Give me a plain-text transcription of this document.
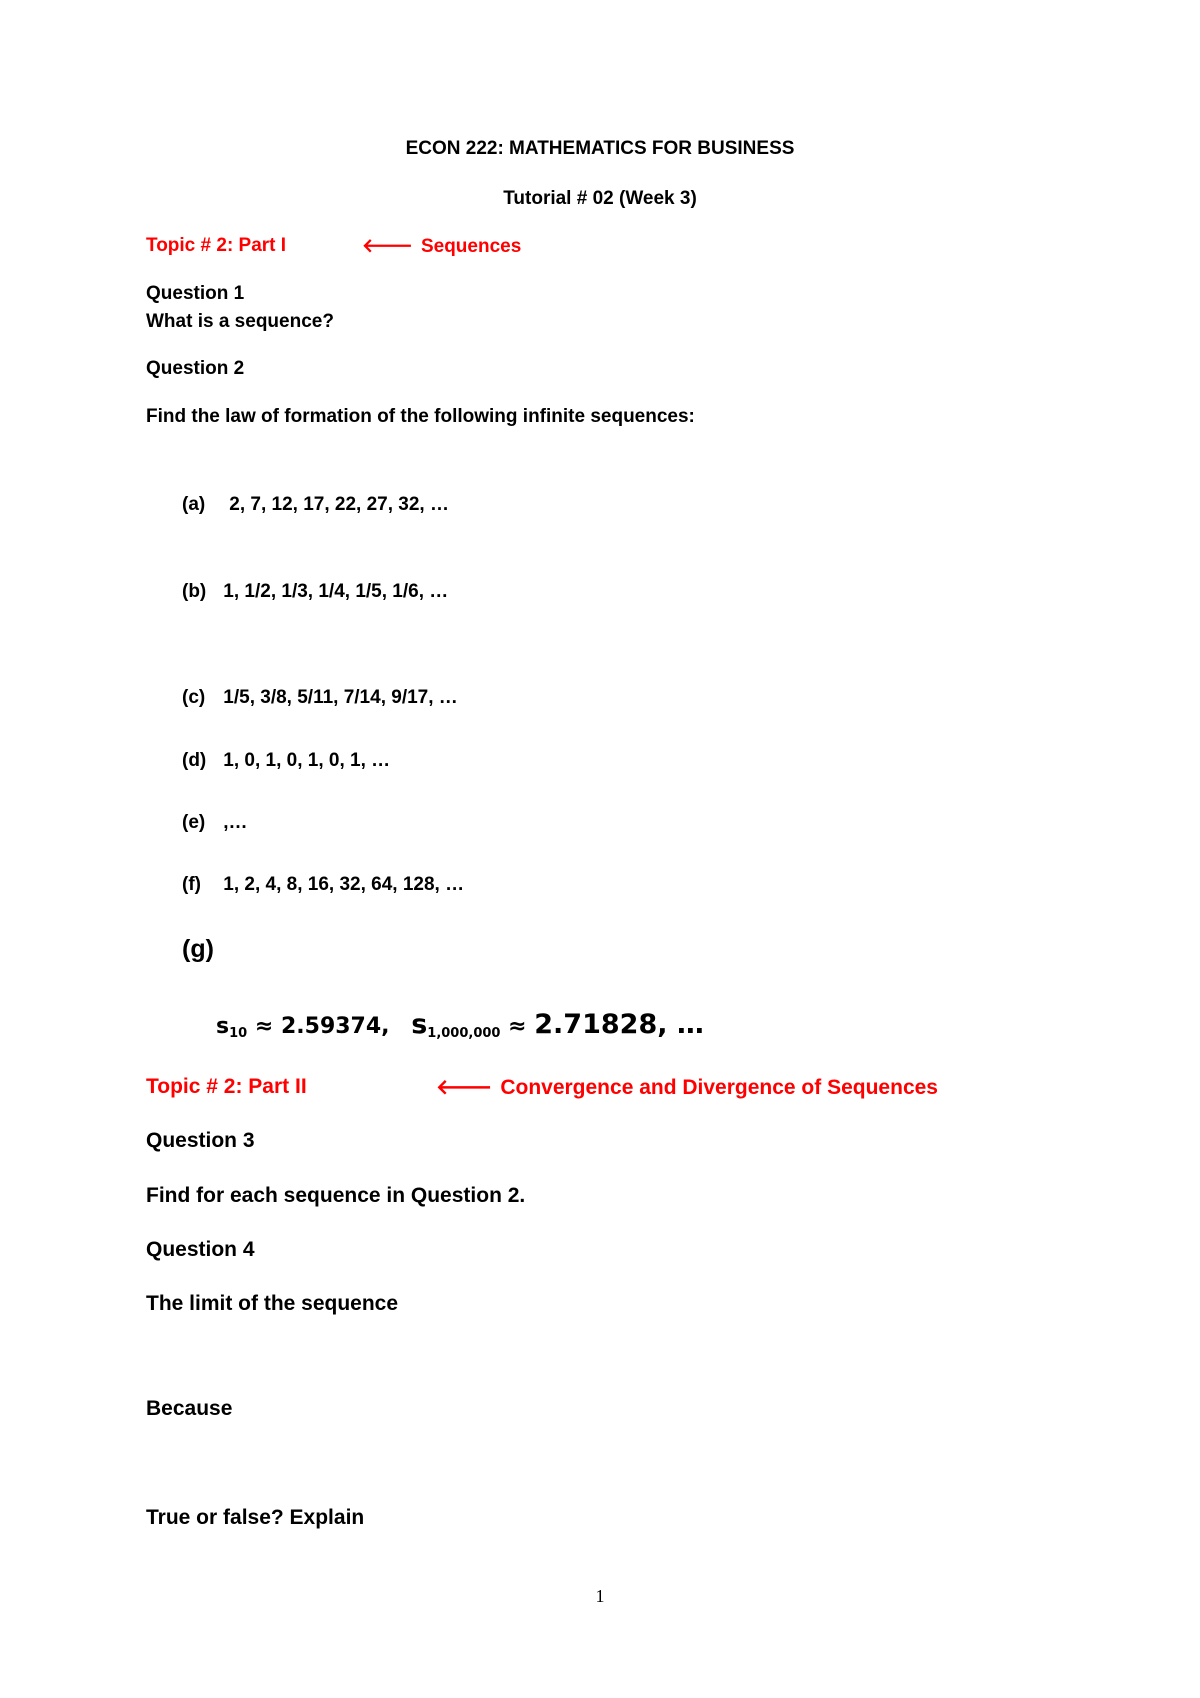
ECON 222: MATHEMATICS FOR BUSINESS
Tutorial # 02 (Week 3)
Topic # 2: Part I	🡐 Sequences
Question 1
What is a sequence?
Question 2
Find the law of formation of the following infinite sequences:
(a) 2, 7, 12, 17, 22, 27, 32, …
(b) 1, 1/2, 1/3, 1/4, 1/5, 1/6, …
(c) 1/5, 3/8, 5/11, 7/14, 9/17, …
(d) 1, 0, 1, 0, 1, 0, 1, …
(e) ,…
(f) 1, 2, 4, 8, 16, 32, 64, 128, …
(g)
$s_{10} \approx 2.59374$, $s_{1,000,000} \approx 2.71828$, …
Topic # 2: Part II	🡐 Convergence and Divergence of Sequences
Question 3
Find for each sequence in Question 2.
Question 4
The limit of the sequence
Because
True or false? Explain
1
